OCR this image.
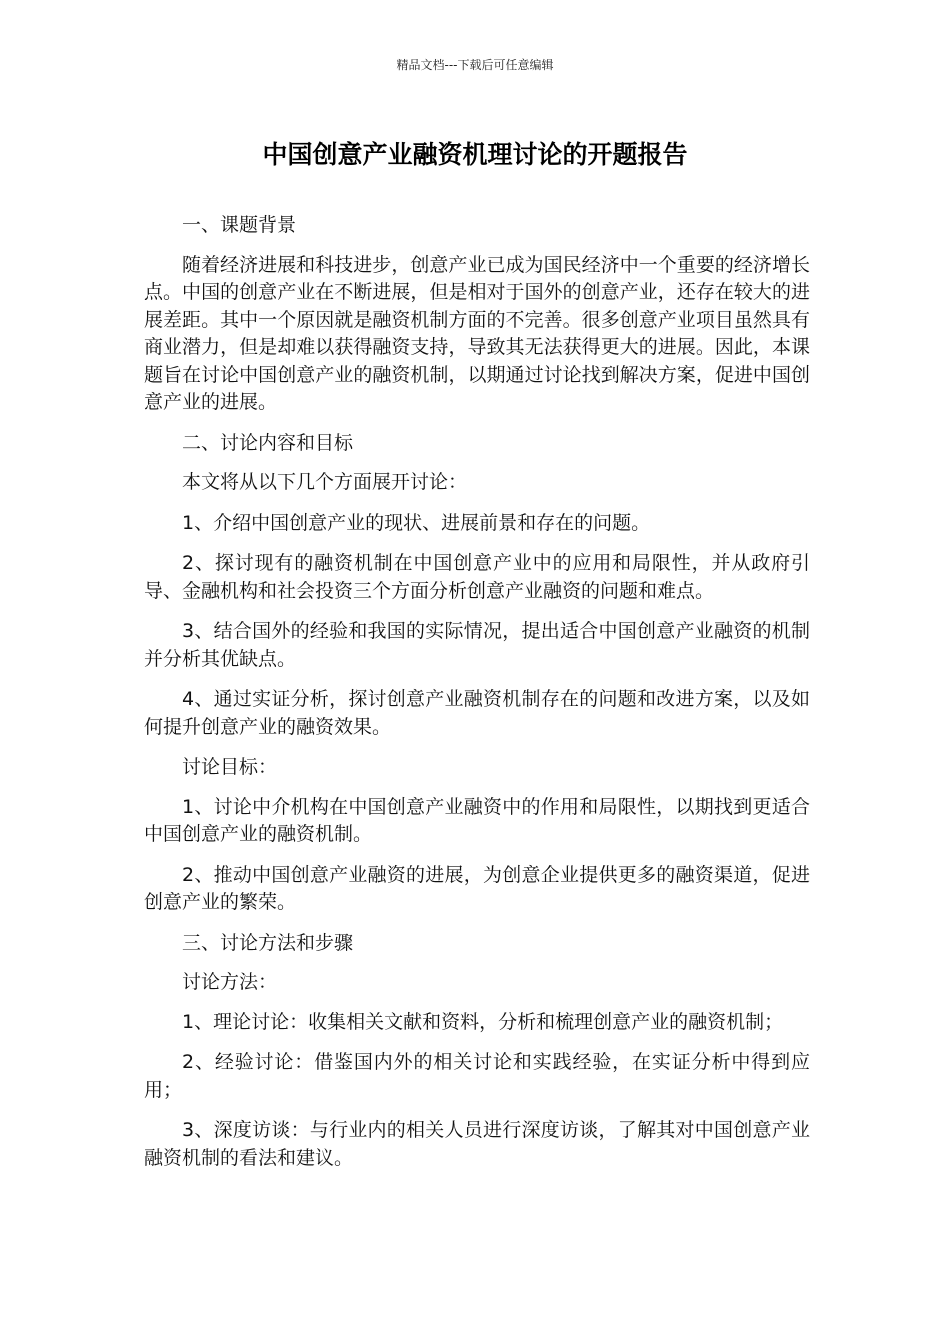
精品文档---下载后可任意编辑
中国创意产业融资机理讨论的开题报告

一、课题背景

随着经济进展和科技进步，创意产业已成为国民经济中一个重要的经济增长点。中国的创意产业在不断进展，但是相对于国外的创意产业，还存在较大的进展差距。其中一个原因就是融资机制方面的不完善。很多创意产业项目虽然具有商业潜力，但是却难以获得融资支持，导致其无法获得更大的进展。因此，本课题旨在讨论中国创意产业的融资机制，以期通过讨论找到解决方案，促进中国创意产业的进展。

二、讨论内容和目标

本文将从以下几个方面展开讨论：

1、介绍中国创意产业的现状、进展前景和存在的问题。

2、探讨现有的融资机制在中国创意产业中的应用和局限性，并从政府引导、金融机构和社会投资三个方面分析创意产业融资的问题和难点。

3、结合国外的经验和我国的实际情况，提出适合中国创意产业融资的机制并分析其优缺点。

4、通过实证分析，探讨创意产业融资机制存在的问题和改进方案，以及如何提升创意产业的融资效果。

讨论目标：

1、讨论中介机构在中国创意产业融资中的作用和局限性，以期找到更适合中国创意产业的融资机制。

2、推动中国创意产业融资的进展，为创意企业提供更多的融资渠道，促进创意产业的繁荣。

三、讨论方法和步骤

讨论方法：

1、理论讨论：收集相关文献和资料，分析和梳理创意产业的融资机制；

2、经验讨论：借鉴国内外的相关讨论和实践经验，在实证分析中得到应用；

3、深度访谈：与行业内的相关人员进行深度访谈，了解其对中国创意产业融资机制的看法和建议。
